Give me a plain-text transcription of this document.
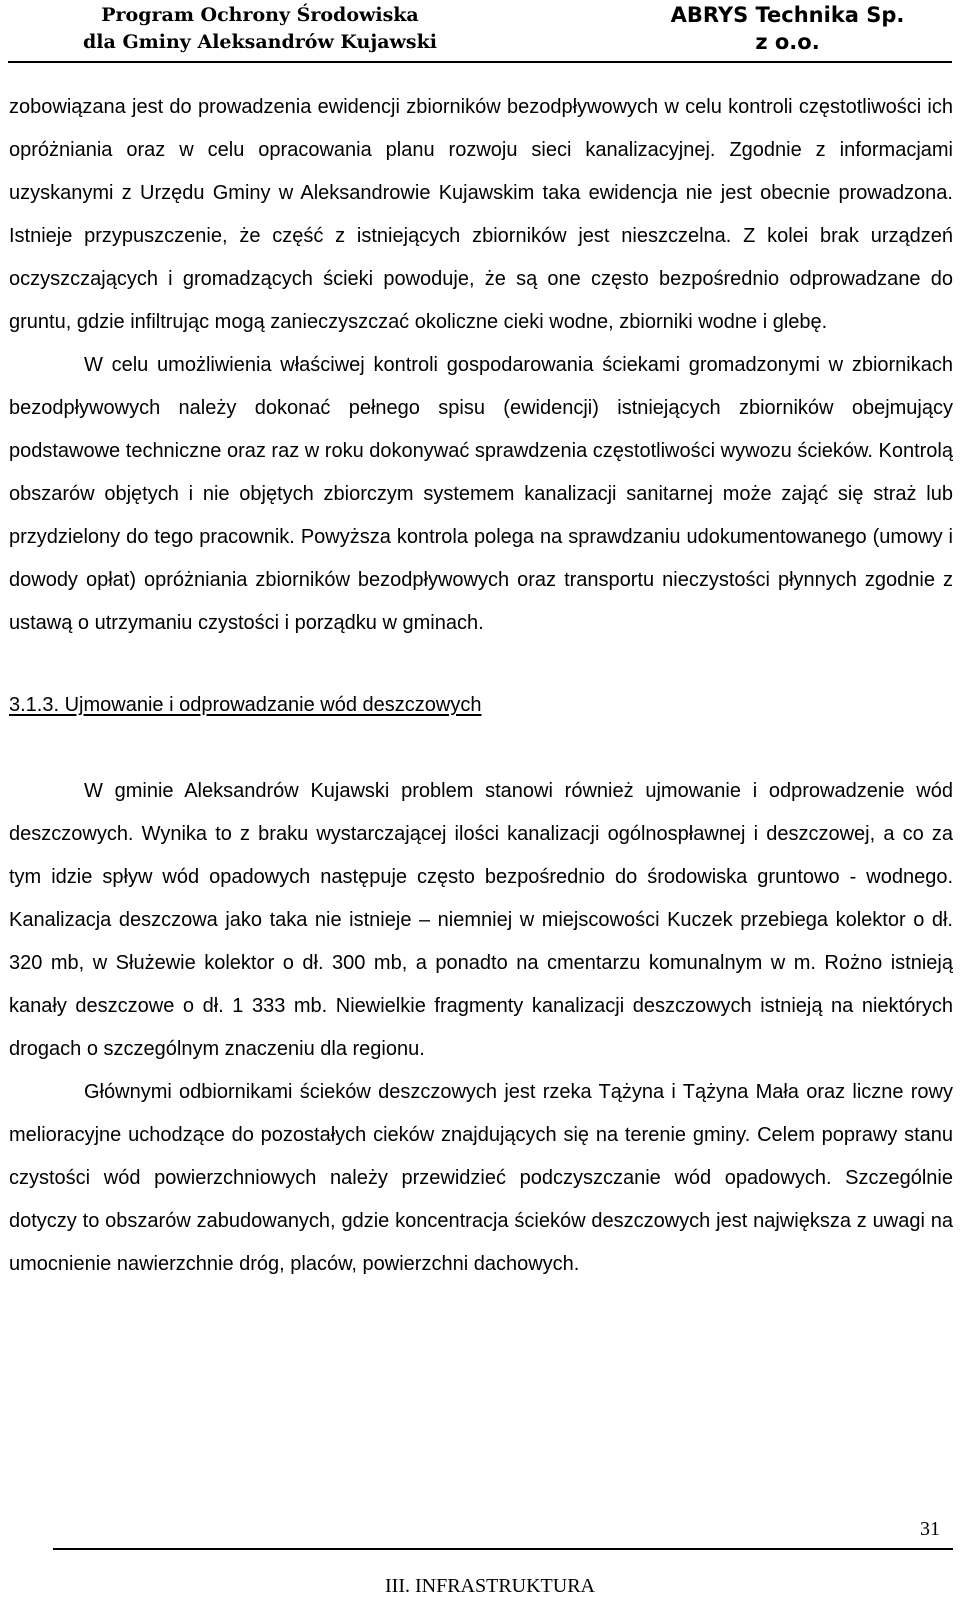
Program Ochrony Środowiska
dla Gminy Aleksandrów Kujawski
ABRYS Technika Sp.
z o.o.

zobowiązana jest do prowadzenia ewidencji zbiorników bezodpływowych w celu kontroli częstotliwości ich opróżniania oraz w celu opracowania planu rozwoju sieci kanalizacyjnej. Zgodnie z informacjami uzyskanymi z Urzędu Gminy w Aleksandrowie Kujawskim taka ewidencja nie jest obecnie prowadzona. Istnieje przypuszczenie, że część z istniejących zbiorników jest nieszczelna. Z kolei brak urządzeń oczyszczających i gromadzących ścieki powoduje, że są one często bezpośrednio odprowadzane do gruntu, gdzie infiltrując mogą zanieczyszczać okoliczne cieki wodne, zbiorniki wodne i glebę.

W celu umożliwienia właściwej kontroli gospodarowania ściekami gromadzonymi w zbiornikach bezodpływowych należy dokonać pełnego spisu (ewidencji) istniejących zbiorników obejmujący podstawowe techniczne oraz raz w roku dokonywać sprawdzenia częstotliwości wywozu ścieków. Kontrolą obszarów objętych i nie objętych zbiorczym systemem kanalizacji sanitarnej może zająć się straż lub przydzielony do tego pracownik. Powyższa kontrola polega na sprawdzaniu udokumentowanego (umowy i dowody opłat) opróżniania zbiorników bezodpływowych oraz transportu nieczystości płynnych zgodnie z ustawą o utrzymaniu czystości i porządku w gminach.

3.1.3. Ujmowanie i odprowadzanie wód deszczowych

W gminie Aleksandrów Kujawski problem stanowi również ujmowanie i odprowadzenie wód deszczowych. Wynika to z braku wystarczającej ilości kanalizacji ogólnospławnej i deszczowej, a co za tym idzie spływ wód opadowych następuje często bezpośrednio do środowiska gruntowo - wodnego. Kanalizacja deszczowa jako taka nie istnieje – niemniej w miejscowości Kuczek przebiega kolektor o dł. 320 mb, w Służewie kolektor o dł. 300 mb, a ponadto na cmentarzu komunalnym w m. Rożno istnieją kanały deszczowe o dł. 1 333 mb. Niewielkie fragmenty kanalizacji deszczowych istnieją na niektórych drogach o szczególnym znaczeniu dla regionu.

Głównymi odbiornikami ścieków deszczowych jest rzeka Tążyna i Tążyna Mała oraz liczne rowy melioracyjne uchodzące do pozostałych cieków znajdujących się na terenie gminy. Celem poprawy stanu czystości wód powierzchniowych należy przewidzieć podczyszczanie wód opadowych. Szczególnie dotyczy to obszarów zabudowanych, gdzie koncentracja ścieków deszczowych jest największa z uwagi na umocnienie nawierzchnie dróg, placów, powierzchni dachowych.

31
III. INFRASTRUKTURA
